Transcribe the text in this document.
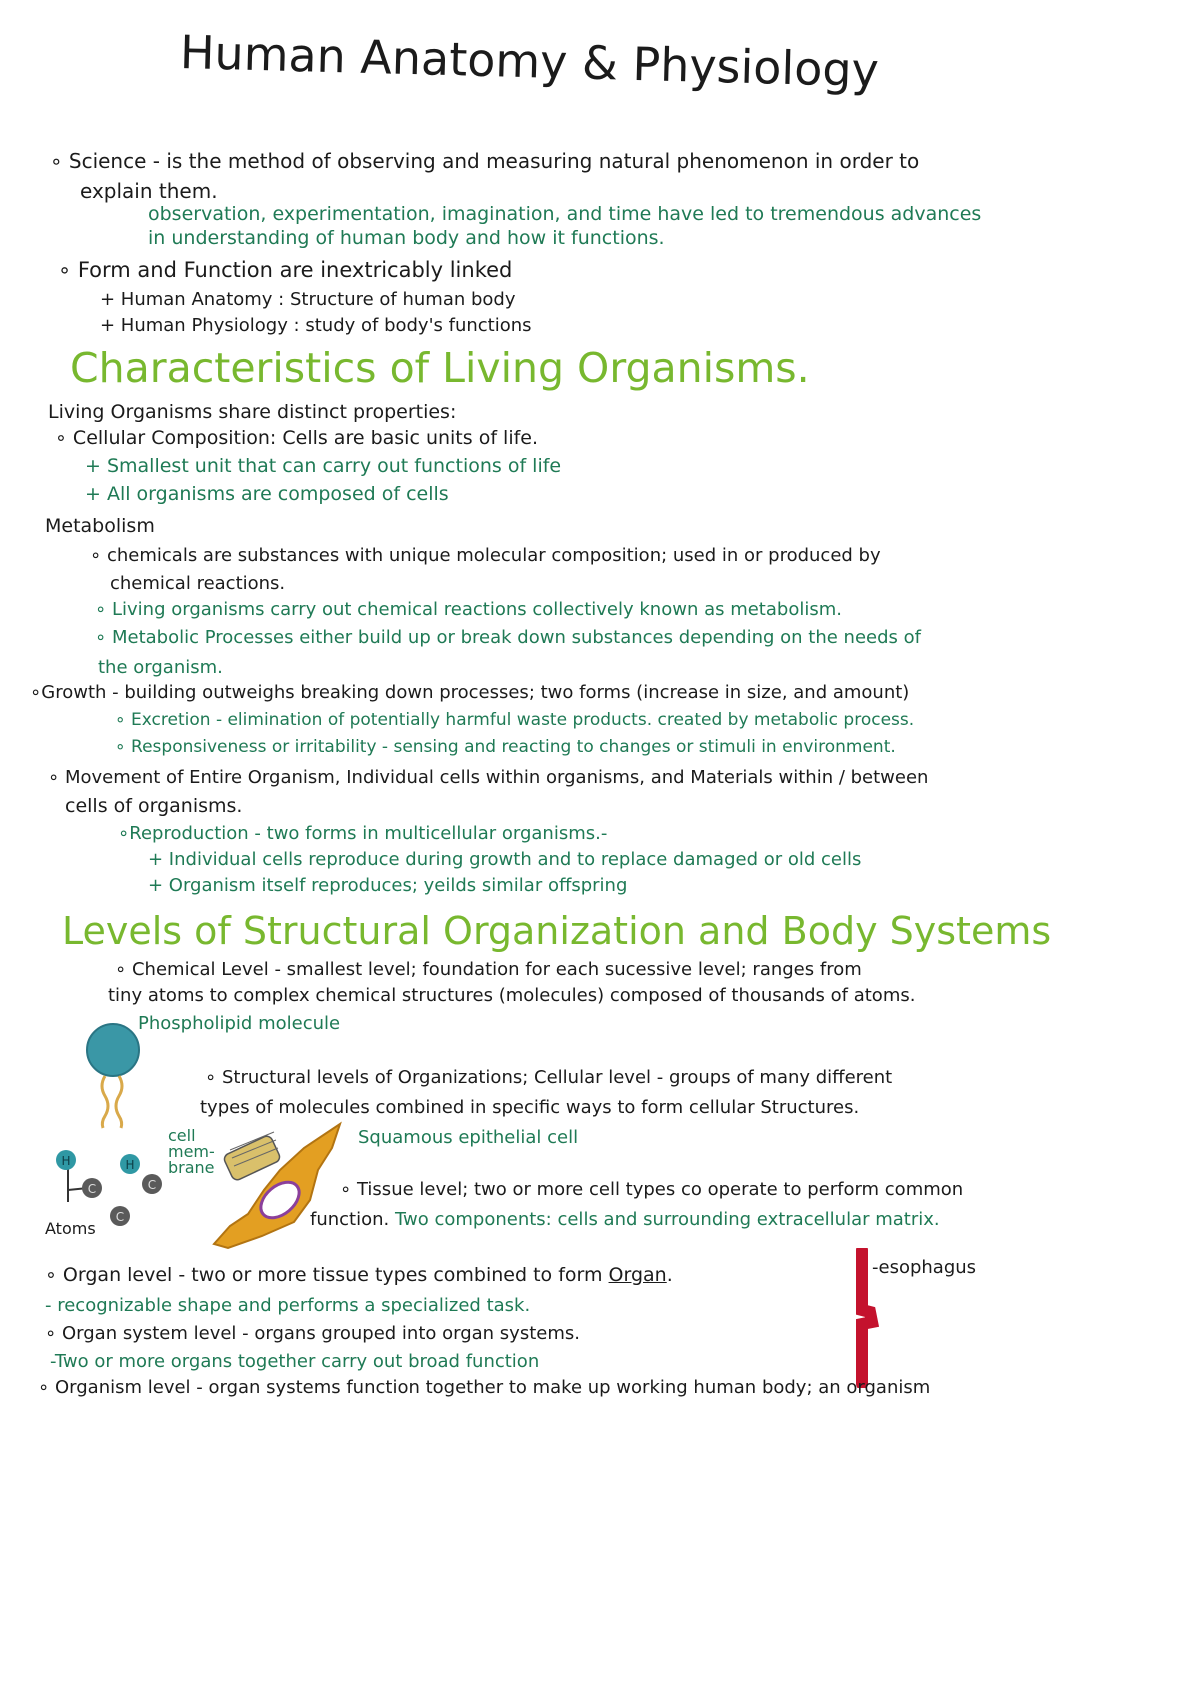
Human Anatomy & Physiology
∘ Science - is the method of observing and measuring natural phenomenon in order to
explain them.
observation, experimentation, imagination, and time have led to tremendous advances
in understanding of human body and how it functions.
∘ Form and Function are inextricably linked
+ Human Anatomy : Structure of human body
+ Human Physiology : study of body's functions
Characteristics of Living Organisms.
Living Organisms share distinct properties:
∘ Cellular Composition: Cells are basic units of life.
+ Smallest unit that can carry out functions of life
+ All organisms are composed of cells
Metabolism
∘ chemicals are substances with unique molecular composition; used in or produced by
chemical reactions.
∘ Living organisms carry out chemical reactions collectively known as metabolism.
∘ Metabolic Processes either build up or break down substances depending on the needs of
the organism.
∘Growth - building outweighs breaking down processes; two forms (increase in size, and amount)
∘ Excretion - elimination of potentially harmful waste products. created by metabolic process.
∘ Responsiveness or irritability - sensing and reacting to changes or stimuli in environment.
∘ Movement of Entire Organism, Individual cells within organisms, and Materials within / between
cells of organisms.
∘Reproduction - two forms in multicellular organisms.-
+ Individual cells reproduce during growth and to replace damaged or old cells
+ Organism itself reproduces; yeilds similar offspring
Levels of Structural Organization and Body Systems
∘ Chemical Level - smallest level; foundation for each sucessive level; ranges from
tiny atoms to complex chemical structures (molecules) composed of thousands of atoms.
Phospholipid molecule
∘ Structural levels of Organizations; Cellular level - groups of many different
types of molecules combined in specific ways to form cellular Structures.
Squamous epithelial cell
cell
mem-
brane
H	H
C	C
C
Atoms
∘ Tissue level; two or more cell types co operate to perform common
function. Two components: cells and surrounding extracellular matrix.
∘ Organ level - two or more tissue types combined to form Organ.	-esophagus
- recognizable shape and performs a specialized task.
∘ Organ system level - organs grouped into organ systems.
-Two or more organs together carry out broad function
∘ Organism level - organ systems function together to make up working human body; an organism
